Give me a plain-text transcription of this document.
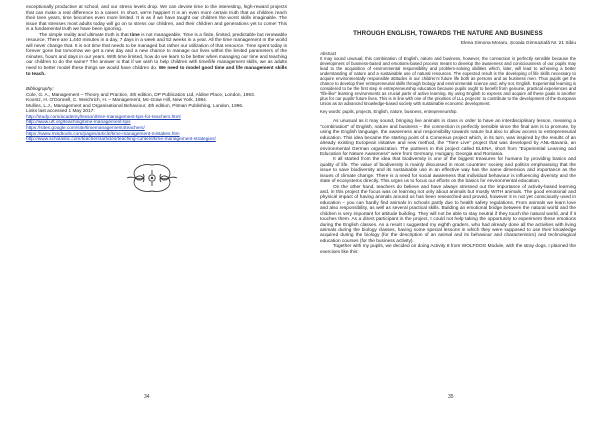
exceptionally productive at school, and our stress levels drop. We can devote time to the interesting, high-reward projects that can make a real difference to a career. In short, we're happier! It is an even more certain truth that as children reach their teen years, time becomes even more limited. It is as if we have taught our children the worst skills imaginable. The issue that stresses most adults today will go on to stress our children, and their children and generations yet to come! This is a fundamental truth we have been ignoring.

The simple reality and ultimate truth is that time is not manageable. Time is a finite, limited, predictable but renewable resource. There are 1,440 minutes in a day, 7 days in a week and 52 weeks in a year. All the time management in the world will never change that. It is not time that needs to be managed but rather our utilization of that resource. Time spent today is forever gone but tomorrow we get a new day and a new chance to manage our lives within the limited parameters of the minutes, hours and days in our years. With time limited, how do we learn to be better when managing our time and teaching our children to do the same? The answer is that if we wish to help children with time/life management skills, we as adults need to better model these things we would have children do. We need to model good time and life management skills to teach.

Bibliography:

Cole, G. A., Management – Theory and Practice, 4th edition, DP Publication Ltd, Aldine Place, London, 1993.

Koontz, H. O'Donnell, C. Weichrich, H. – Management, Mc-Graw Hill, New York, 1984.

Mullins, L.J., Management and Organisational Behaviour, 4th edition, Pitman Publishing, London, 1996.

Links last accessed 1 May 2017:

http://study.com/academy/lesson/time-management-tips-for-teachers.html
http://www.uft.org/teaching/time-management-tips
https://sites.google.com/site/timemanagement4teachers/
https://www.mindtools.com/pages/article/time-management-mistakes.htm
http://www.scholastic.com/teachers/articles/teaching-content/time-management-strategies/
34

THROUGH ENGLISH, TOWARDS THE NATURE AND BUSINESS

Elena Simona Moraru, Școala Gimnazială Nr. 21 Sibiu

Abstract

It may sound unusual, this combination of English, nature and business, however, the connection is perfectly sensible because the development of business-based and emotions-based process meant to develop the awareness and consciousness of our pupils may lead to the acquisition of environmental responsibility and problem-solving abilities which, later, will lead to achieving a better understanding of nature and a sustainable use of natural resources. The expected result is the developing of life skills necessary to acquire environmentally responsible attitudes in our children's future life both as persons and as business men. Thus pupils get the chance to develop their entrepreneurial skills through biology and environmental science and, why not, English. Experiential learning is considered to be the first step in entrepreneurship education because pupils ought to benefit from genuine, practical experiences and "life-like" learning environments as crucial parts of active learning. By using English to express and acquire all these goals is another plus for our pupils' future lives. This is in line with one of the priorities of LLL projects: to contribute to the development of the European Union as an advanced knowledge-based society with sustainable economic development.

Key words: pupils, projects, English, nature, business, entrepreneurship.

As unusual as it may sound, bringing live animals in class in order to have an interdisciplinary lesson, meaning a "combination" of English, nature and business – the connection is perfectly sensible since the final aim is to promote, by using the English language, the awareness and responsibility towards nature but also to allow access to entrepreneurial education. This idea became the starting point of a Comenius project which, in its turn, was inspired by the results of an already existing European initiative and new method, the "Tiere Live" project that was developed by ANL-Bavaria, an environmental German organization. The partners in this project called ELENA, short from "Experiential Learning and Education for Nature Awareness" were from Germany, Hungary, Georgia and Romania.

It all started from the idea that biodiversity is one of the biggest treasures for humans by providing basics and quality of life. The value of biodiversity is mainly discussed in most countries' society and politics emphasising that the issue to save biodiversity and its sustainable use in an effective way has the same dimension and importance as the issues of climate change. There is a need for social awareness that individual behaviour is influencing diversity and the state of ecosystems directly. This urges us to focus our efforts on the basics for environmental education.

On the other hand, teachers do believe and have always stressed out the importance of activity-based learning and, in this project the focus was on learning not only about animals but mostly WITH animals. The good emotional and physical impact of having animals around us has been researched and proved, however it is not yet consciously used in education – you can hardly find animals in schools partly due to health safety regulations. From animals we learn love and also responsibility, as well as several practical skills. Building an emotional bridge between the natural world and the children is very important for attitude building. They will not be able to stay neutral if they touch the natural world, and if it touches them. As a direct participant in the project, I could not help taking the opportunity to experiment these emotions during the English classes. As a result I suggested my eighth graders, who had already done all the activities with living animals during the biology classes, having some special lessons in which they were supposed to use their knowledge acquired during the biology (for the description of an animal and its behaviour and characteristics) and technological education courses (for the business activity).

Together with my pupils, we decided on doing Activity 8 from WOLFDOG Module, with the stray dogs. I planned the exercises like this:

35
